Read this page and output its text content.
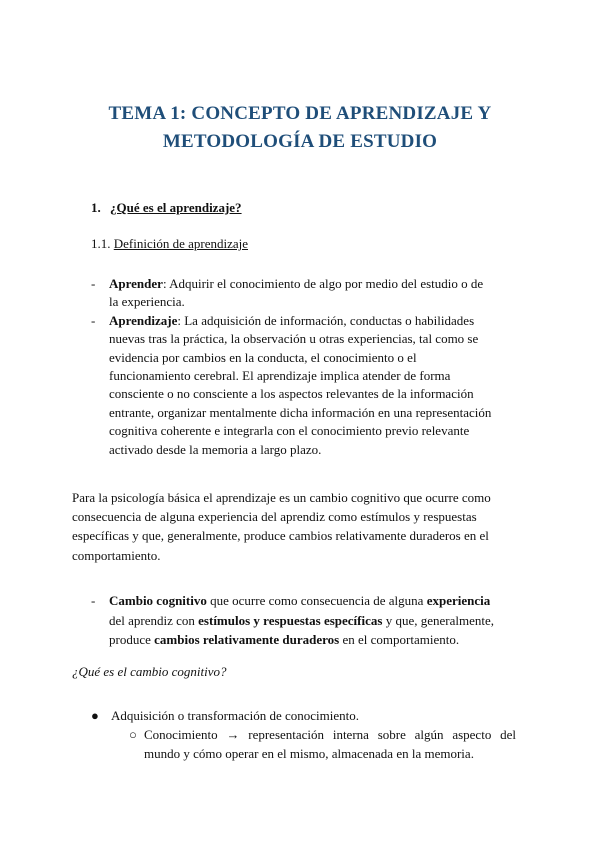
TEMA 1: CONCEPTO DE APRENDIZAJE Y
METODOLOGÍA DE ESTUDIO
1. ¿Qué es el aprendizaje?
1.1. Definición de aprendizaje
- Aprender: Adquirir el conocimiento de algo por medio del estudio o de
la experiencia.
- Aprendizaje: La adquisición de información, conductas o habilidades
nuevas tras la práctica, la observación u otras experiencias, tal como se
evidencia por cambios en la conducta, el conocimiento o el
funcionamiento cerebral. El aprendizaje implica atender de forma
consciente o no consciente a los aspectos relevantes de la información
entrante, organizar mentalmente dicha información en una representación
cognitiva coherente e integrarla con el conocimiento previo relevante
activado desde la memoria a largo plazo.
Para la psicología básica el aprendizaje es un cambio cognitivo que ocurre como
consecuencia de alguna experiencia del aprendiz como estímulos y respuestas
específicas y que, generalmente, produce cambios relativamente duraderos en el
comportamiento.
- Cambio cognitivo que ocurre como consecuencia de alguna experiencia
del aprendiz con estímulos y respuestas específicas y que, generalmente,
produce cambios relativamente duraderos en el comportamiento.
¿Qué es el cambio cognitivo?
● Adquisición o transformación de conocimiento.
○ Conocimiento → representación interna sobre algún aspecto del
mundo y cómo operar en el mismo, almacenada en la memoria.
